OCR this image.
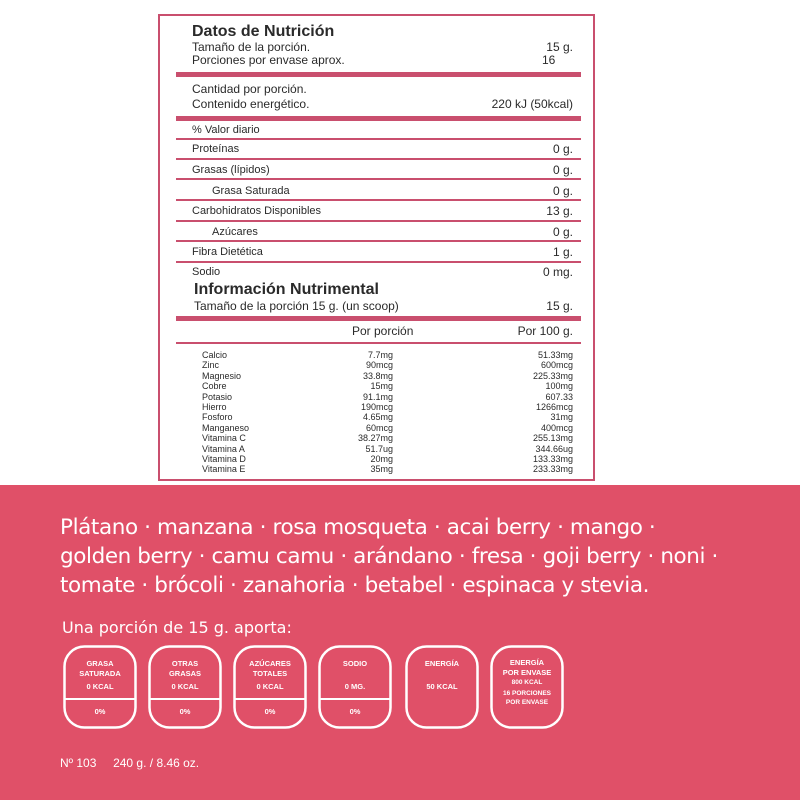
Datos de Nutrición
Tamaño de la porción.	15 g.
Porciones por envase aprox.	16
Cantidad por porción.
Contenido energético.	220 kJ (50kcal)
% Valor diario
Proteínas	0 g.
Grasas (lípidos)	0 g.
Grasa Saturada	0 g.
Carbohidratos Disponibles	13 g.
Azúcares	0 g.
Fibra Dietética	1 g.
Sodio	0 mg.
Información Nutrimental
Tamaño de la porción 15 g. (un scoop)	15 g.
Por porción	Por 100 g.
Calcio	7.7mg	51.33mg
Zinc	90mcg	600mcg
Magnesio	33.8mg	225.33mg
Cobre	15mg	100mg
Potasio	91.1mg	607.33
Hierro	190mcg	1266mcg
Fosforo	4.65mg	31mg
Manganeso	60mcg	400mcg
Vitamina C	38.27mg	255.13mg
Vitamina A	51.7ug	344.66ug
Vitamina D	20mg	133.33mg
Vitamina E	35mg	233.33mg
Plátano · manzana · rosa mosqueta · acai berry · mango ·
golden berry · camu camu · arándano · fresa · goji berry · noni ·
tomate · brócoli · zanahoria · betabel · espinaca y stevia.
Una porción de 15 g. aporta:
GRASA
SATURADA
0 KCAL
0%
OTRAS
GRASAS
0 KCAL
0%
AZÚCARES
TOTALES
0 KCAL
0%
SODIO
0 MG.
0%
ENERGÍA
50 KCAL
ENERGÍA
POR ENVASE
800 KCAL
16 PORCIONES
POR ENVASE
Nº 103 240 g. / 8.46 oz.
